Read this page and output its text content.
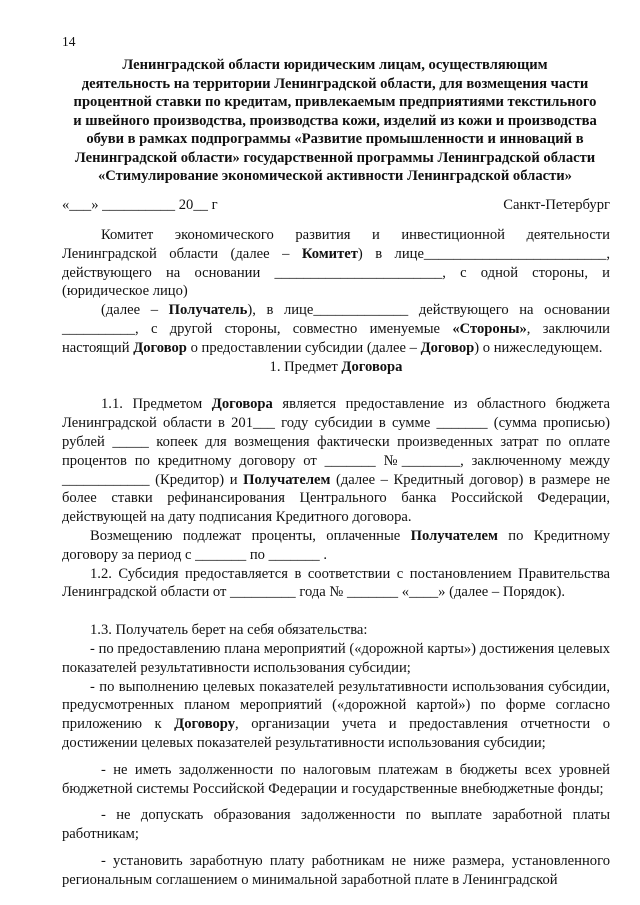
14
Ленинградской области юридическим лицам, осуществляющим
деятельность на территории Ленинградской области, для возмещения части
процентной ставки по кредитам, привлекаемым предприятиями текстильного
и швейного производства, производства кожи, изделий из кожи и производства
обуви в рамках подпрограммы «Развитие промышленности и инноваций в
Ленинградской области» государственной программы Ленинградской области
«Стимулирование экономической активности Ленинградской области»
«___» __________ 20__ г	Санкт-Петербург

Комитет экономического развития и инвестиционной деятельности Ленинградской области (далее – Комитет) в лице_________________________, действующего на основании _______________________, с одной стороны, и (юридическое лицо)

(далее – Получатель), в лице_____________ действующего на основании __________, с другой стороны, совместно именуемые «Стороны», заключили настоящий Договор о предоставлении субсидии (далее – Договор) о нижеследующем.

1. Предмет Договора

1.1. Предметом Договора является предоставление из областного бюджета Ленинградской области в 201___ году субсидии в сумме _______ (сумма прописью) рублей _____ копеек для возмещения фактически произведенных затрат по оплате процентов по кредитному договору от _______ №________, заключенному между ____________ (Кредитор) и Получателем (далее – Кредитный договор) в размере не более ставки рефинансирования Центрального банка Российской Федерации, действующей на дату подписания Кредитного договора.

Возмещению подлежат проценты, оплаченные Получателем по Кредитному договору за период с _______ по _______ .

1.2. Субсидия предоставляется в соответствии с постановлением Правительства Ленинградской области от _________ года № _______ «____» (далее – Порядок).

1.3. Получатель берет на себя обязательства:

- по предоставлению плана мероприятий («дорожной карты») достижения целевых показателей результативности использования субсидии;

- по выполнению целевых показателей результативности использования субсидии, предусмотренных планом мероприятий («дорожной картой») по форме согласно приложению к Договору, организации учета и предоставления отчетности о достижении целевых показателей результативности использования субсидии;

- не иметь задолженности по налоговым платежам в бюджеты всех уровней бюджетной системы Российской Федерации и государственные внебюджетные фонды;

- не допускать образования задолженности по выплате заработной платы работникам;

- установить заработную плату работникам не ниже размера, установленного региональным соглашением о минимальной заработной плате в Ленинградской
